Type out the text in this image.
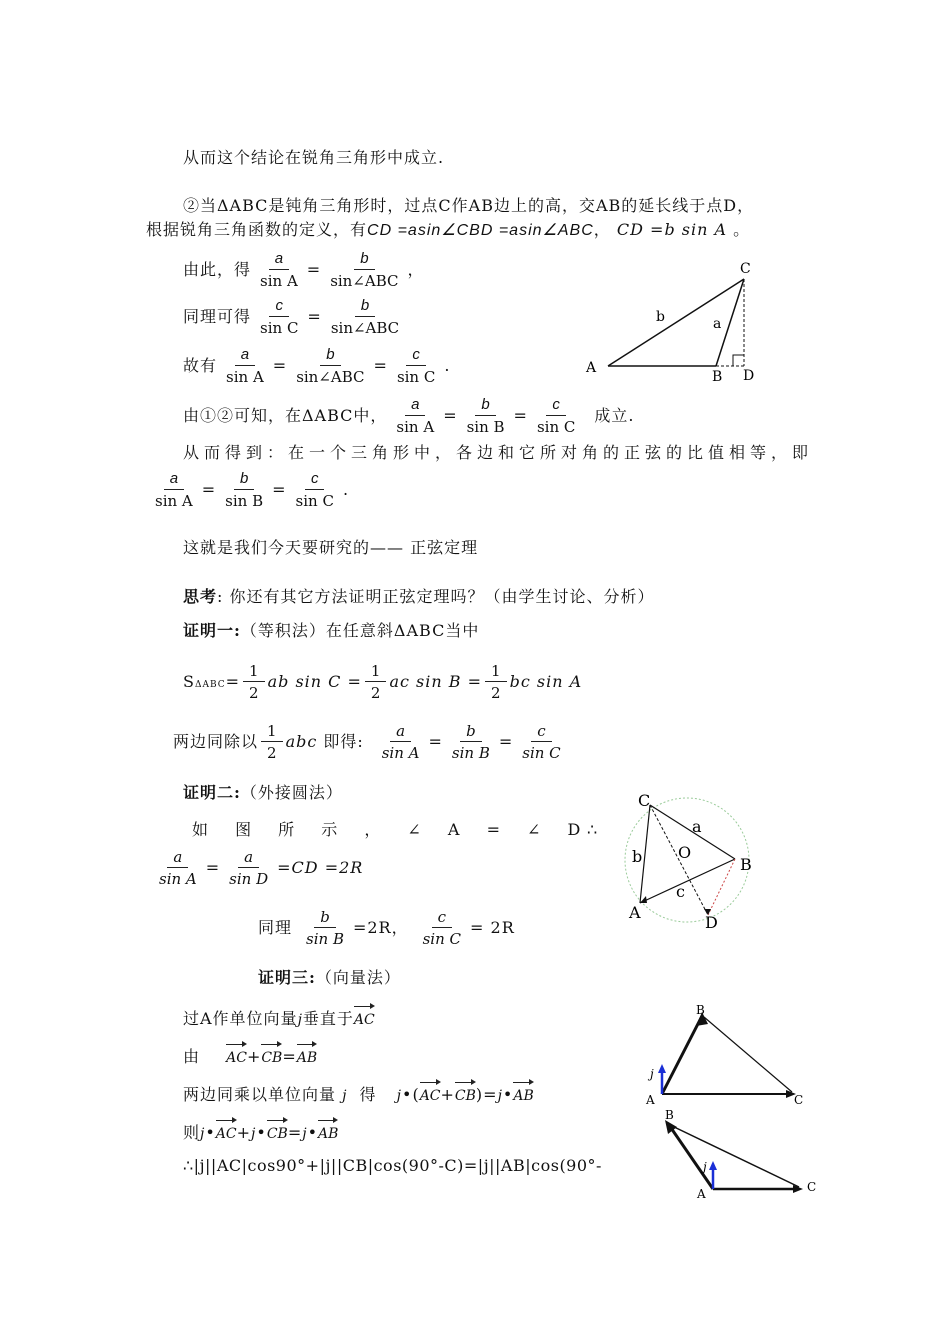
从而这个结论在锐角三角形中成立.
②当ΔABC是钝角三角形时，过点C作AB边上的高，交AB的延长线于点D，
根据锐角三角函数的定义，有CD =asin∠CBD =asin∠ABC， CD =b sin A 。
由此，得 $\frac{a}{\text{sin A}} = \frac{b}{\text{sin∠ABC}}$ ，
同理可得 $\frac{c}{\text{sin C}} = \frac{b}{\text{sin∠ABC}}$
故有 $\frac{a}{\text{sin A}} = \frac{b}{\text{sin∠ABC}} = \frac{c}{\text{sin C}}$ .	A
B
C
D
b	a
由①②可知，在ΔABC中， $\frac{a}{\text{sin A}} = \frac{b}{\text{sin B}} = \frac{c}{\text{sin C}}$ 成立.
从而得到：在一个三角形中，各边和它所对角的正弦的比值相等，即
$\frac{a}{\text{sin A}} = \frac{b}{\text{sin B}} = \frac{c}{\text{sin C}}$ .
这就是我们今天要研究的—— 正弦定理
思考: 你还有其它方法证明正弦定理吗？（由学生讨论、分析）
证明一:（等积法）在任意斜ΔABC当中
S $\Delta ABC = \frac{1}{2}$ ab $\sin C = \frac{1}{2}$ ac $\sin B = \frac{1}{2}$ bc sin A
两边同除以 $\frac{1}{2}$ abc 即得: $\frac{a}{\text{sin A}} = \frac{b}{\text{sin B}} = \frac{c}{\text{sin C}}$
证明二:（外接圆法）
如 图 所 示 ， ∠ A = ∠ D ∴
$\frac{a}{\text{sin A}} = \frac{a}{\text{sin D}} =CD =2R$
C
a
b O
B
c
A
D
同理 $\frac{b}{\text{sin B}} =2R$， $\frac{c}{\text{sin C}} = 2R$
证明三:（向量法）
过A作单位向量j垂直于AC
由 AC+CB=AB
两边同乘以单位向量 j 得 j•(AC+CB)=j•AB
则j•AC+j•CB=j•AB
∴|j||AC|cos90°+|j||CB|cos(90°-C)=|j||AB|cos(90°-
j
A
B
C
j
A
B
C
